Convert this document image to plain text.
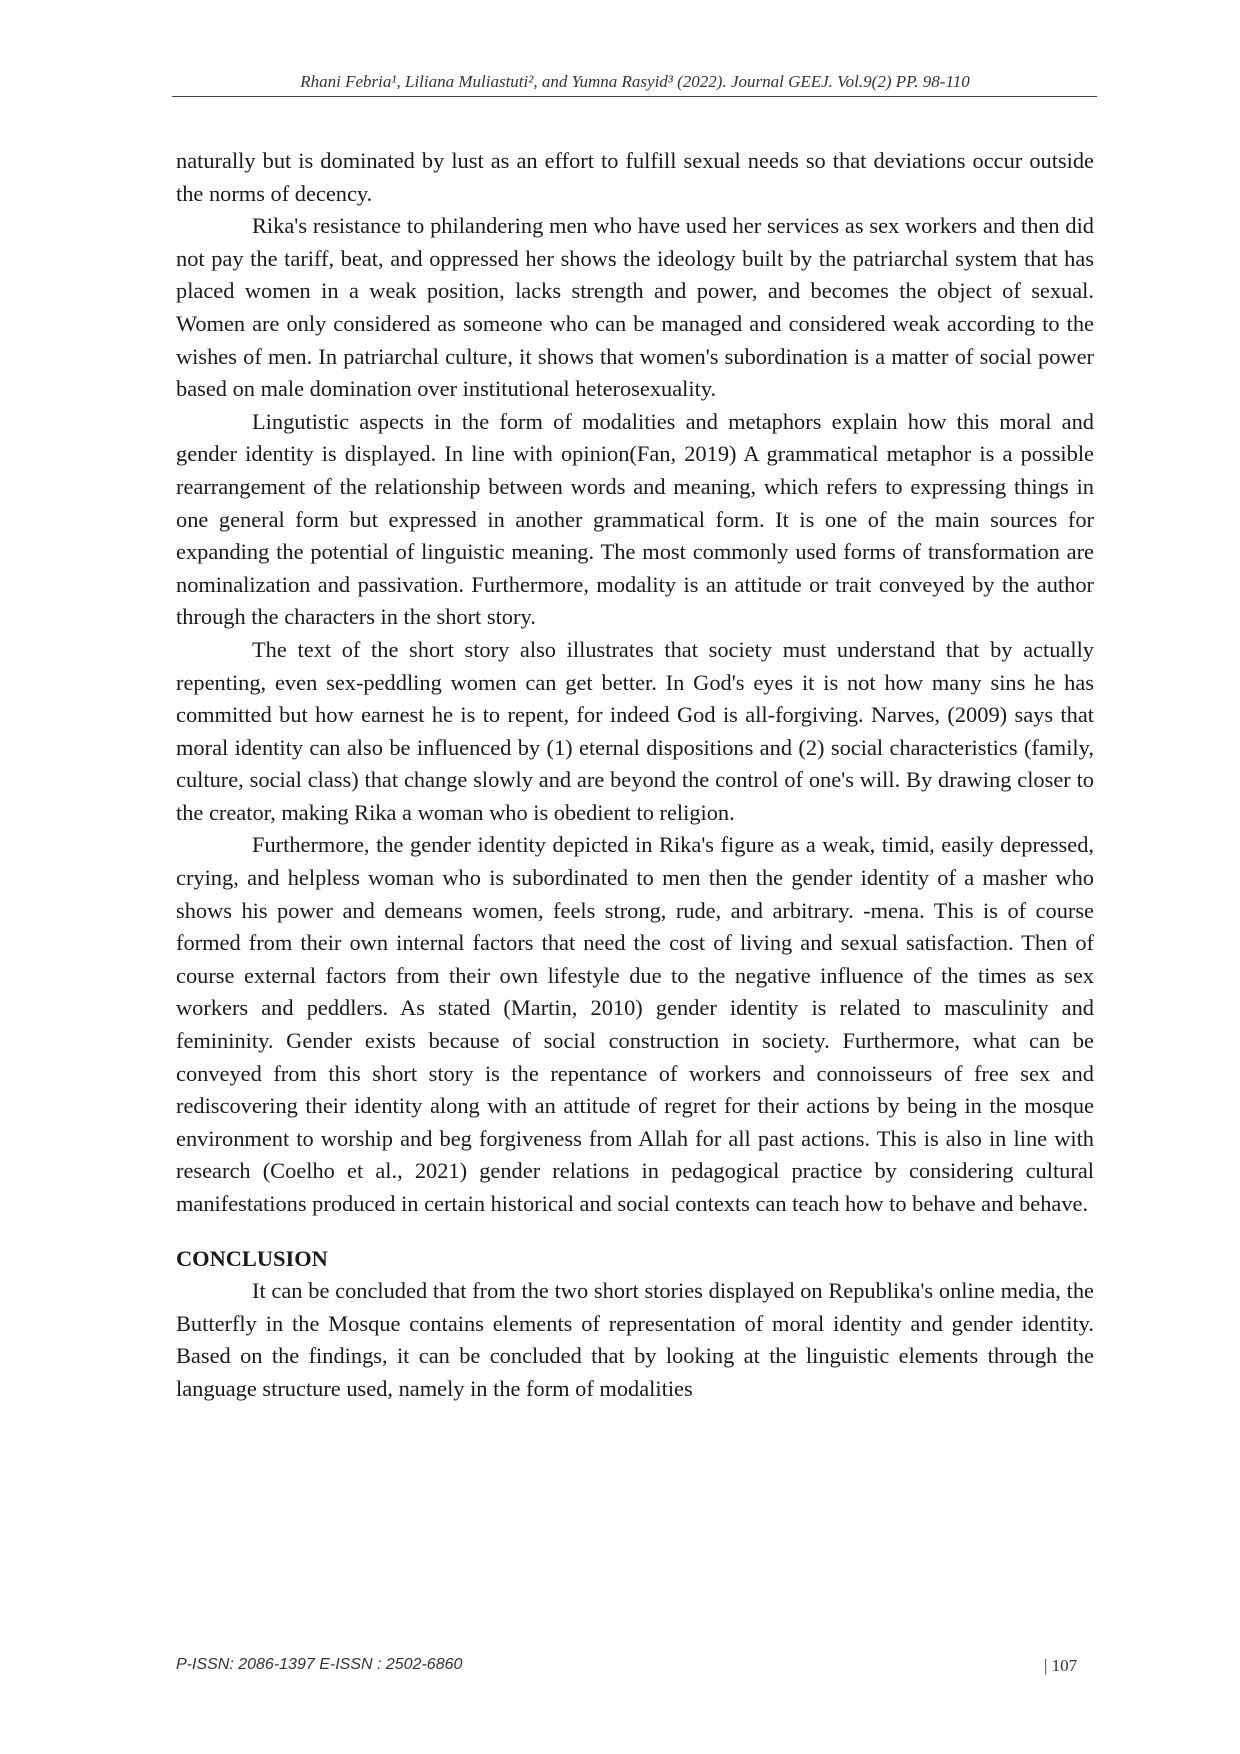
Rhani Febria¹, Liliana Muliastuti², and Yumna Rasyid³ (2022). Journal GEEJ. Vol.9(2) PP. 98-110

naturally but is dominated by lust as an effort to fulfill sexual needs so that deviations occur outside the norms of decency.

Rika's resistance to philandering men who have used her services as sex workers and then did not pay the tariff, beat, and oppressed her shows the ideology built by the patriarchal system that has placed women in a weak position, lacks strength and power, and becomes the object of sexual. Women are only considered as someone who can be managed and considered weak according to the wishes of men. In patriarchal culture, it shows that women's subordination is a matter of social power based on male domination over institutional heterosexuality.

Lingutistic aspects in the form of modalities and metaphors explain how this moral and gender identity is displayed. In line with opinion(Fan, 2019) A grammatical metaphor is a possible rearrangement of the relationship between words and meaning, which refers to expressing things in one general form but expressed in another grammatical form. It is one of the main sources for expanding the potential of linguistic meaning. The most commonly used forms of transformation are nominalization and passivation. Furthermore, modality is an attitude or trait conveyed by the author through the characters in the short story.

The text of the short story also illustrates that society must understand that by actually repenting, even sex-peddling women can get better. In God's eyes it is not how many sins he has committed but how earnest he is to repent, for indeed God is all-forgiving. Narves, (2009) says that moral identity can also be influenced by (1) eternal dispositions and (2) social characteristics (family, culture, social class) that change slowly and are beyond the control of one's will. By drawing closer to the creator, making Rika a woman who is obedient to religion.

Furthermore, the gender identity depicted in Rika's figure as a weak, timid, easily depressed, crying, and helpless woman who is subordinated to men then the gender identity of a masher who shows his power and demeans women, feels strong, rude, and arbitrary. -mena. This is of course formed from their own internal factors that need the cost of living and sexual satisfaction. Then of course external factors from their own lifestyle due to the negative influence of the times as sex workers and peddlers. As stated (Martin, 2010) gender identity is related to masculinity and femininity. Gender exists because of social construction in society. Furthermore, what can be conveyed from this short story is the repentance of workers and connoisseurs of free sex and rediscovering their identity along with an attitude of regret for their actions by being in the mosque environment to worship and beg forgiveness from Allah for all past actions. This is also in line with research (Coelho et al., 2021) gender relations in pedagogical practice by considering cultural manifestations produced in certain historical and social contexts can teach how to behave and behave.

CONCLUSION

It can be concluded that from the two short stories displayed on Republika's online media, the Butterfly in the Mosque contains elements of representation of moral identity and gender identity. Based on the findings, it can be concluded that by looking at the linguistic elements through the language structure used, namely in the form of modalities

P-ISSN: 2086-1397 E-ISSN : 2502-6860	| 107
